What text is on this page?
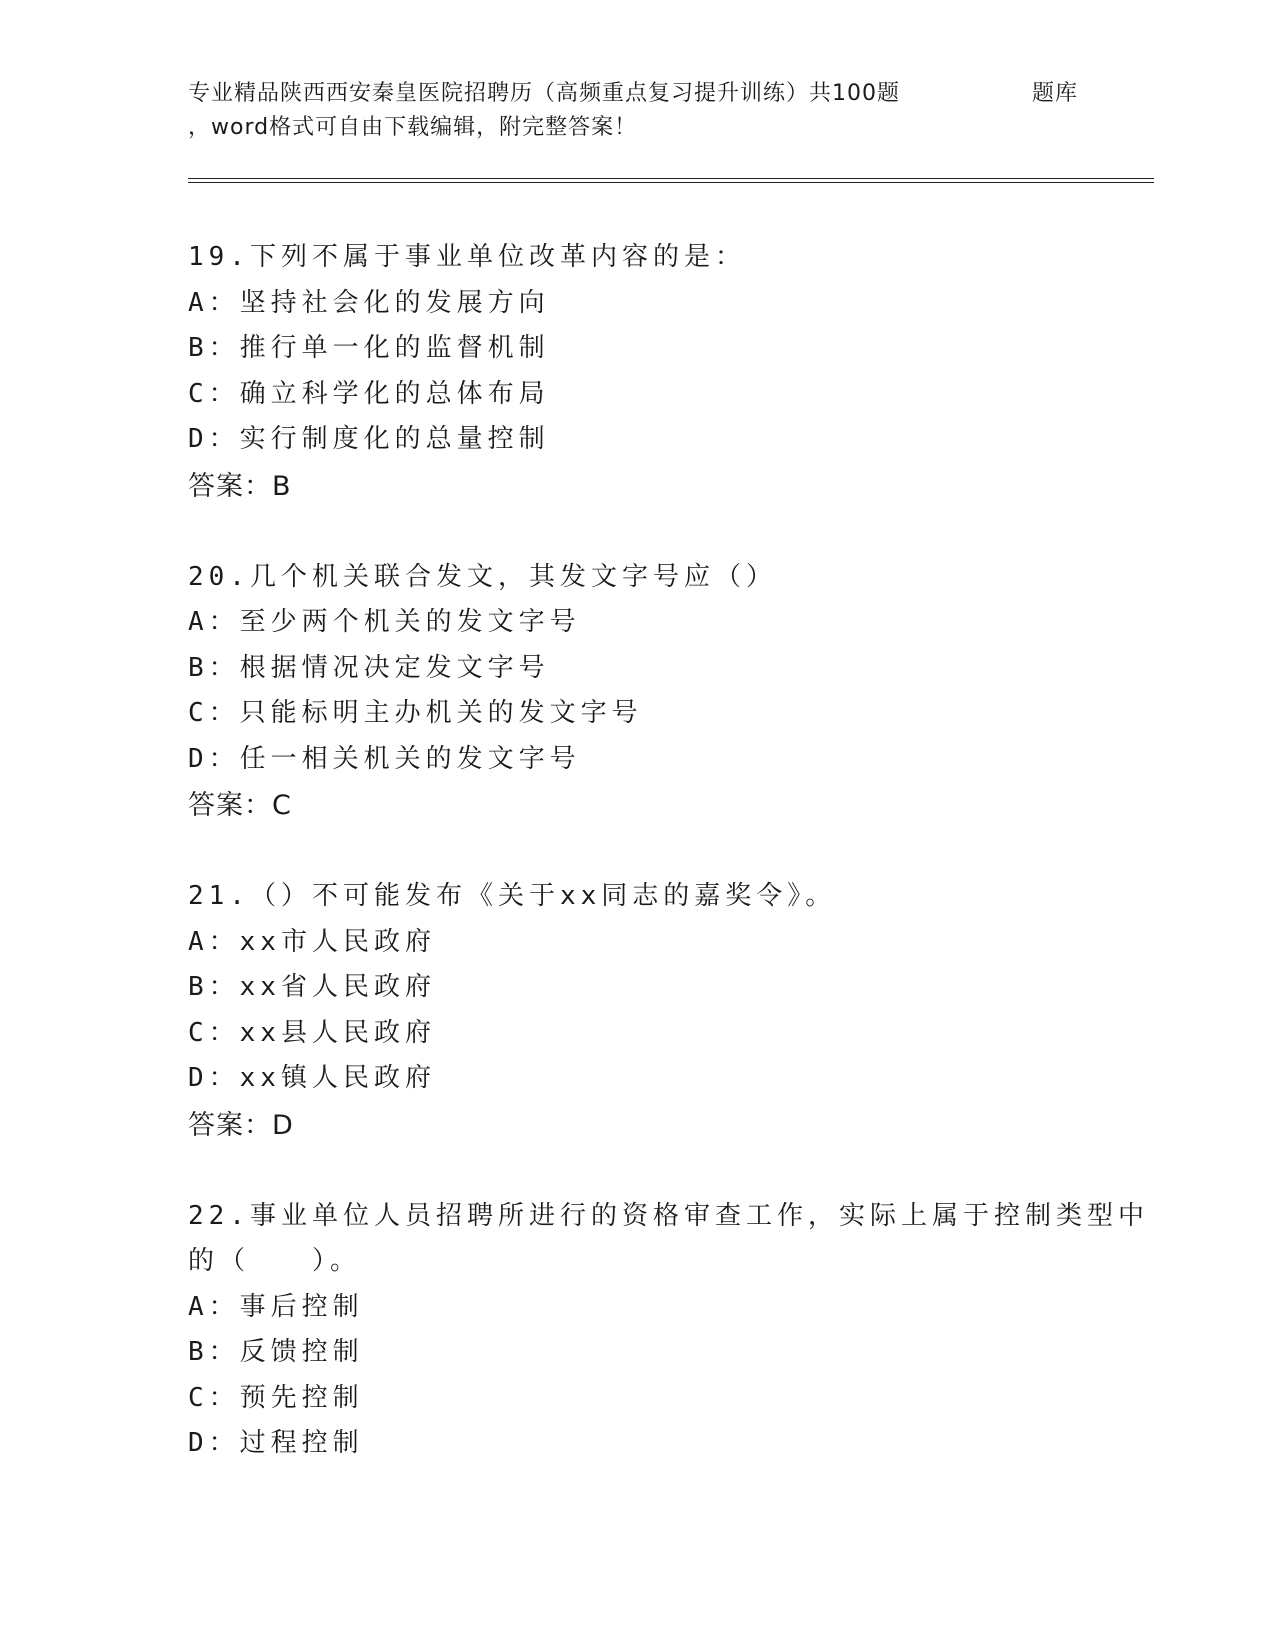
专业精品陕西西安秦皇医院招聘历（高频重点复习提升训练）共100题	题库
，word格式可自由下载编辑，附完整答案！
19.下列不属于事业单位改革内容的是：
A：坚持社会化的发展方向
B：推行单一化的监督机制
C：确立科学化的总体布局
D：实行制度化的总量控制
答案：B
20.几个机关联合发文，其发文字号应（）
A：至少两个机关的发文字号
B：根据情况决定发文字号
C：只能标明主办机关的发文字号
D：任一相关机关的发文字号
答案：C
21.（）不可能发布《关于xx同志的嘉奖令》。
A：xx市人民政府
B：xx省人民政府
C：xx县人民政府
D：xx镇人民政府
答案：D
22.事业单位人员招聘所进行的资格审查工作，实际上属于控制类型中
的（　　）。
A：事后控制
B：反馈控制
C：预先控制
D：过程控制
